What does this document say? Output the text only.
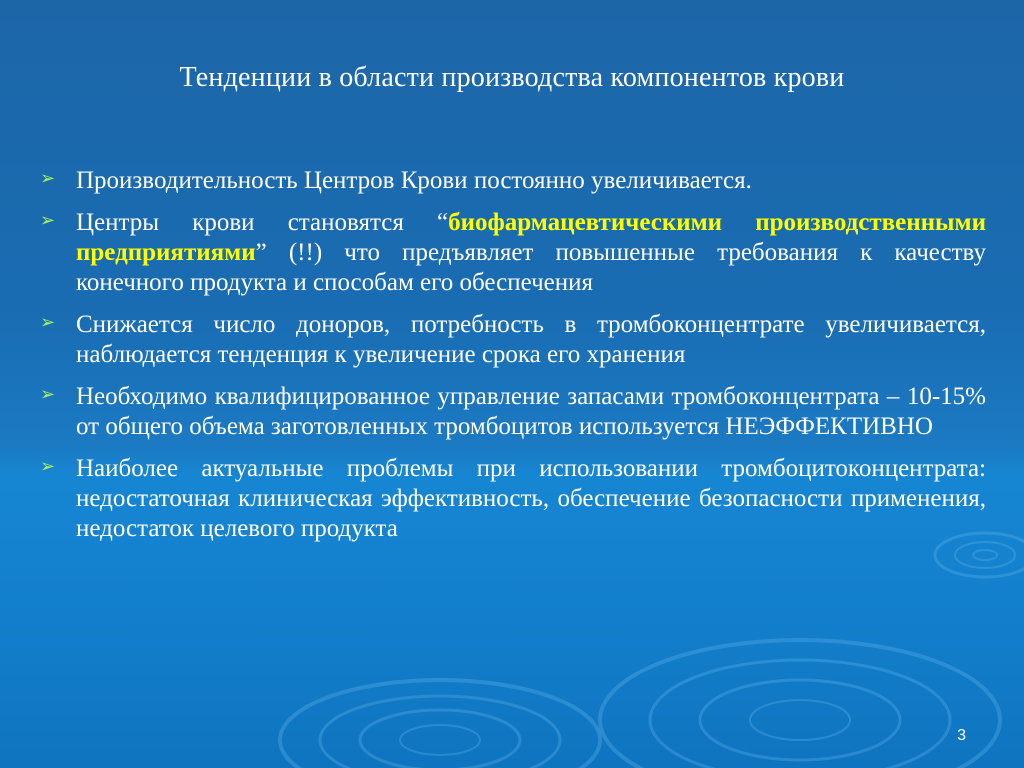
Тенденции в области производства компонентов крови
➢ Производительность Центров Крови постоянно увеличивается.
➢ Центры крови становятся “биофармацевтическими производственными предприятиями” (!!) что предъявляет повышенные требования к качеству конечного продукта и способам его обеспечения
➢ Снижается число доноров, потребность в тромбоконцентрате увеличивается, наблюдается тенденция к увеличение срока его хранения
➢ Необходимо квалифицированное управление запасами тромбоконцентрата – 10-15% от общего объема заготовленных тромбоцитов используется НЕЭФФЕКТИВНО
➢ Наиболее актуальные проблемы при использовании тромбоцитоконцентрата: недостаточная клиническая эффективность, обеспечение безопасности применения, недостаток целевого продукта
3
